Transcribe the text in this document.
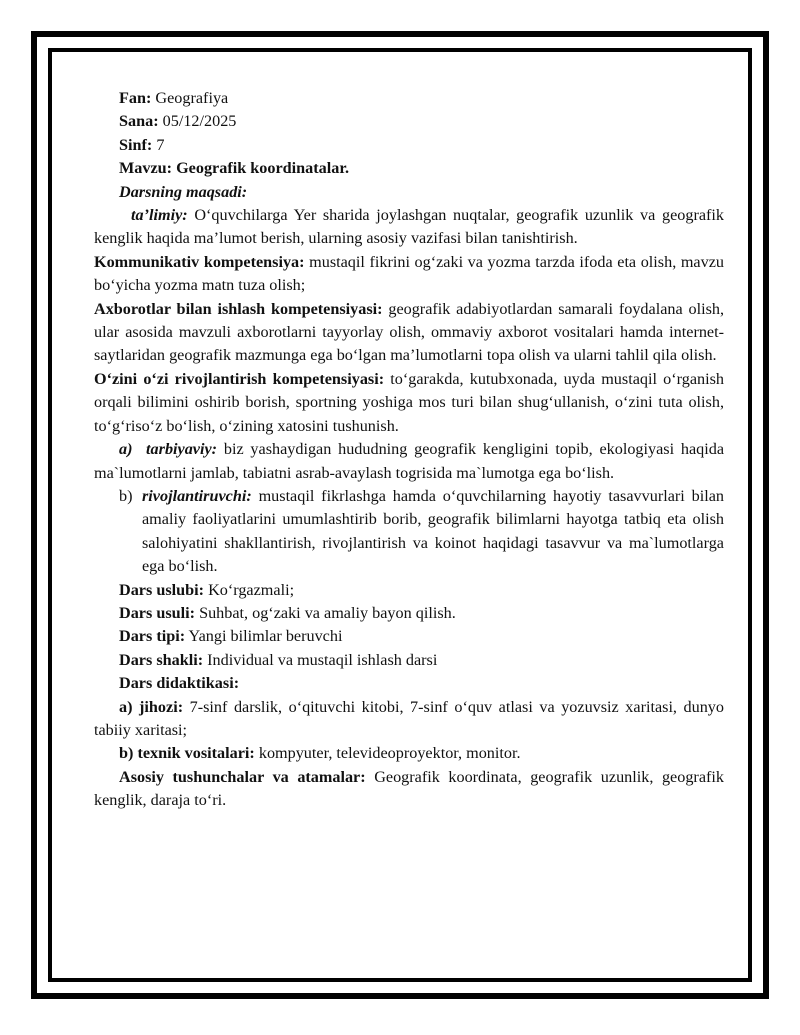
Fan: Geografiya

Sana: 05/12/2025

Sinf: 7

Mavzu: Geografik koordinatalar.

Darsning maqsadi:

ta’limiy: O‘quvchilarga Yer sharida joylashgan nuqtalar, geografik uzunlik va geografik kenglik haqida ma’lumot berish, ularning asosiy vazifasi bilan tanishtirish.

Kommunikativ kompetensiya: mustaqil fikrini og‘zaki va yozma tarzda ifoda eta olish, mavzu bo‘yicha yozma matn tuza olish;

Axborotlar bilan ishlash kompetensiyasi: geografik adabiyotlardan samarali foydalana olish, ular asosida mavzuli axborotlarni tayyorlay olish, ommaviy axborot vositalari hamda internet-saytlaridan geografik mazmunga ega bo‘lgan ma’lumotlarni topa olish va ularni tahlil qila olish.

O‘zini o‘zi rivojlantirish kompetensiyasi: to‘garakda, kutubxonada, uyda mustaqil o‘rganish orqali bilimini oshirib borish, sportning yoshiga mos turi bilan shug‘ullanish, o‘zini tuta olish, to‘g‘riso‘z bo‘lish, o‘zining xatosini tushunish.

a) tarbiyaviy: biz yashaydigan hududning geografik kengligini topib, ekologiyasi haqida ma`lumotlarni jamlab, tabiatni asrab-avaylash togrisida ma`lumotga ega bo‘lish.

b) rivojlantiruvchi: mustaqil fikrlashga hamda o‘quvchilarning hayotiy tasavvurlari bilan amaliy faoliyatlarini umumlashtirib borib, geografik bilimlarni hayotga tatbiq eta olish salohiyatini shakllantirish, rivojlantirish va koinot haqidagi tasavvur va ma`lumotlarga ega bo‘lish.

Dars uslubi: Ko‘rgazmali;

Dars usuli: Suhbat, og‘zaki va amaliy bayon qilish.

Dars tipi: Yangi bilimlar beruvchi

Dars shakli: Individual va mustaqil ishlash darsi

Dars didaktikasi:

a) jihozi: 7-sinf darslik, o‘qituvchi kitobi, 7-sinf o‘quv atlasi va yozuvsiz xaritasi, dunyo tabiiy xaritasi;

b) texnik vositalari: kompyuter, televideoproyektor, monitor.

Asosiy tushunchalar va atamalar: Geografik koordinata, geografik uzunlik, geografik kenglik, daraja to‘ri.
